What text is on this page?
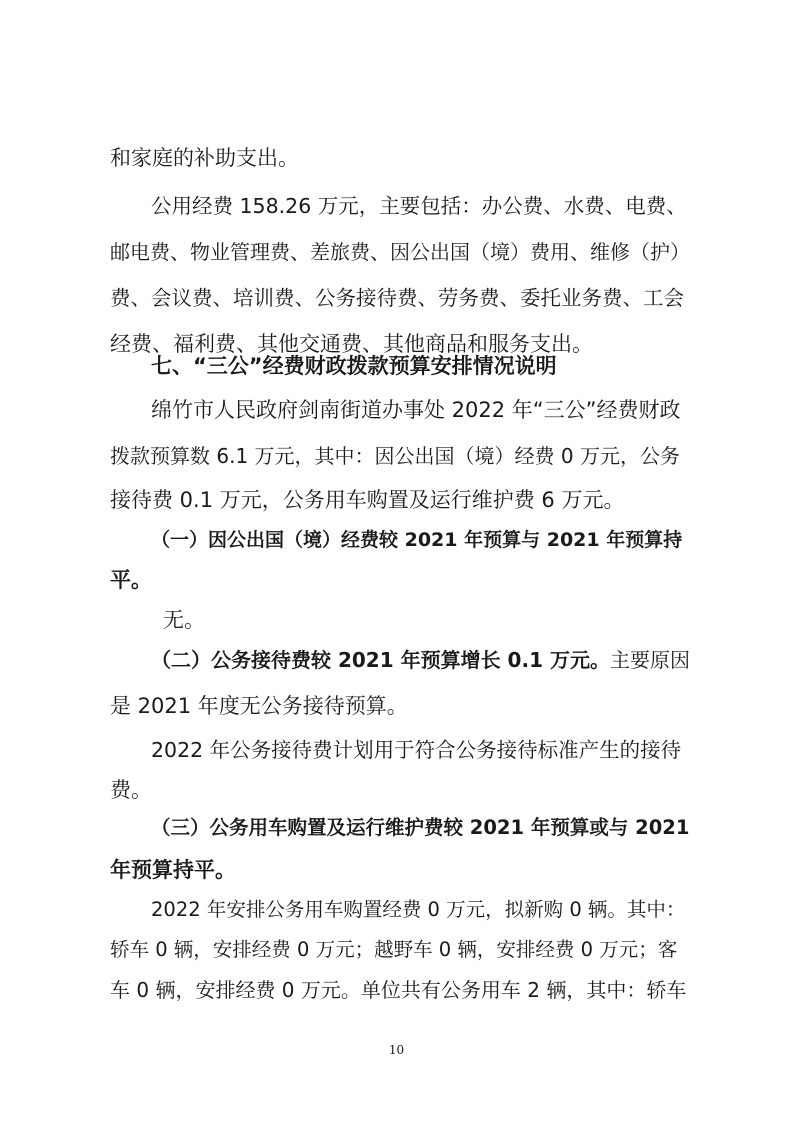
和家庭的补助支出。
公用经费 158.26 万元，主要包括：办公费、水费、电费、
邮电费、物业管理费、差旅费、因公出国（境）费用、维修（护）
费、会议费、培训费、公务接待费、劳务费、委托业务费、工会
经费、福利费、其他交通费、其他商品和服务支出。
七、“三公”经费财政拨款预算安排情况说明
绵竹市人民政府剑南街道办事处 2022 年“三公”经费财政
拨款预算数 6.1 万元，其中：因公出国（境）经费 0 万元，公务
接待费 0.1 万元，公务用车购置及运行维护费 6 万元。
（一）因公出国（境）经费较 2021 年预算与 2021 年预算持
平。
无。
（二）公务接待费较 2021 年预算增长 0.1 万元。主要原因
是 2021 年度无公务接待预算。
2022 年公务接待费计划用于符合公务接待标准产生的接待
费。
（三）公务用车购置及运行维护费较 2021 年预算或与 2021
年预算持平。
2022 年安排公务用车购置经费 0 万元，拟新购 0 辆。其中：
轿车 0 辆，安排经费 0 万元；越野车 0 辆，安排经费 0 万元；客
车 0 辆，安排经费 0 万元。单位共有公务用车 2 辆，其中：轿车
10
